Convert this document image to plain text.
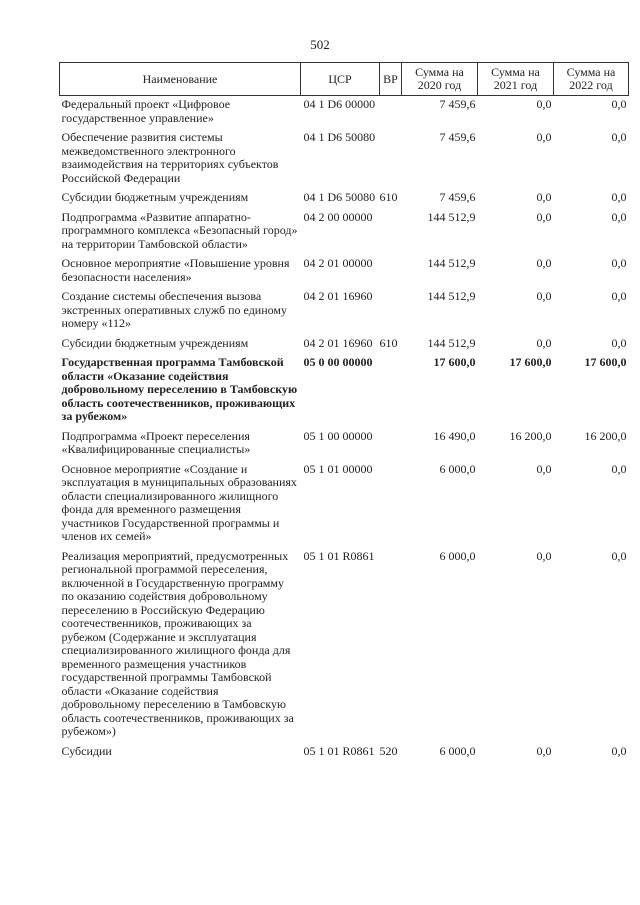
502
Наименование	ЦСР	ВР	Сумма на 2020 год	Сумма на 2021 год	Сумма на 2022 год
Федеральный проект «Цифровое государственное управление»	04 1 D6 00000		7 459,6	0,0	0,0
Обеспечение развития системы межведомственного электронного взаимодействия на территориях субъектов Российской Федерации	04 1 D6 50080		7 459,6	0,0	0,0
Субсидии бюджетным учреждениям	04 1 D6 50080	610	7 459,6	0,0	0,0
Подпрограмма «Развитие аппаратно-программного комплекса «Безопасный город» на территории Тамбовской области»	04 2 00 00000		144 512,9	0,0	0,0
Основное мероприятие «Повышение уровня безопасности населения»	04 2 01 00000		144 512,9	0,0	0,0
Создание системы обеспечения вызова экстренных оперативных служб по единому номеру «112»	04 2 01 16960		144 512,9	0,0	0,0
Субсидии бюджетным учреждениям	04 2 01 16960	610	144 512,9	0,0	0,0
Государственная программа Тамбовской области «Оказание содействия добровольному переселению в Тамбовскую область соотечественников, проживающих за рубежом»	05 0 00 00000		17 600,0	17 600,0	17 600,0
Подпрограмма «Проект переселения «Квалифицированные специалисты»	05 1 00 00000		16 490,0	16 200,0	16 200,0
Основное мероприятие «Создание и эксплуатация в муниципальных образованиях области специализированного жилищного фонда для временного размещения участников Государственной программы и членов их семей»	05 1 01 00000		6 000,0	0,0	0,0
Реализация мероприятий, предусмотренных региональной программой переселения, включенной в Государственную программу по оказанию содействия добровольному переселению в Российскую Федерацию соотечественников, проживающих за рубежом (Содержание и эксплуатация специализированного жилищного фонда для временного размещения участников государственной программы Тамбовской области «Оказание содействия добровольному переселению в Тамбовскую область соотечественников, проживающих за рубежом»)	05 1 01 R0861		6 000,0	0,0	0,0
Субсидии	05 1 01 R0861	520	6 000,0	0,0	0,0
